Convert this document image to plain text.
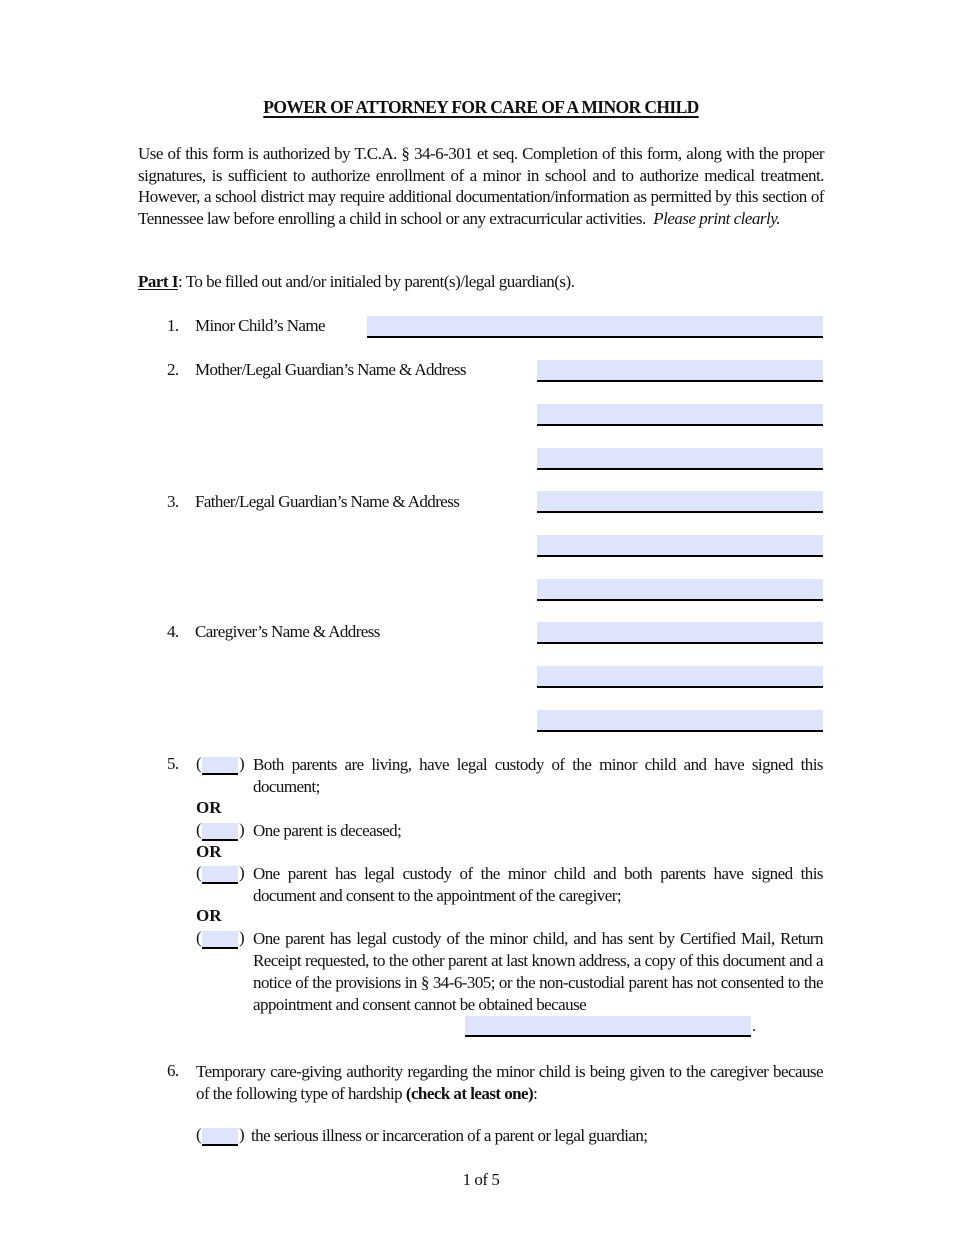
POWER OF ATTORNEY FOR CARE OF A MINOR CHILD
Use of this form is authorized by T.C.A. § 34-6-301 et seq. Completion of this form, along with the proper signatures, is sufficient to authorize enrollment of a minor in school and to authorize medical treatment. However, a school district may require additional documentation/information as permitted by this section of Tennessee law before enrolling a child in school or any extracurricular activities. Please print clearly.
Part I: To be filled out and/or initialed by parent(s)/legal guardian(s).
1. Minor Child’s Name
2. Mother/Legal Guardian’s Name & Address
3. Father/Legal Guardian’s Name & Address
4. Caregiver’s Name & Address
5. ( ) Both parents are living, have legal custody of the minor child and have signed this document;
OR
( ) One parent is deceased;
OR
( ) One parent has legal custody of the minor child and both parents have signed this document and consent to the appointment of the caregiver;
OR
( ) One parent has legal custody of the minor child, and has sent by Certified Mail, Return Receipt requested, to the other parent at last known address, a copy of this document and a notice of the provisions in § 34-6-305; or the non-custodial parent has not consented to the appointment and consent cannot be obtained because
.
6. Temporary care-giving authority regarding the minor child is being given to the caregiver because of the following type of hardship (check at least one):
( ) the serious illness or incarceration of a parent or legal guardian;
1 of 5
